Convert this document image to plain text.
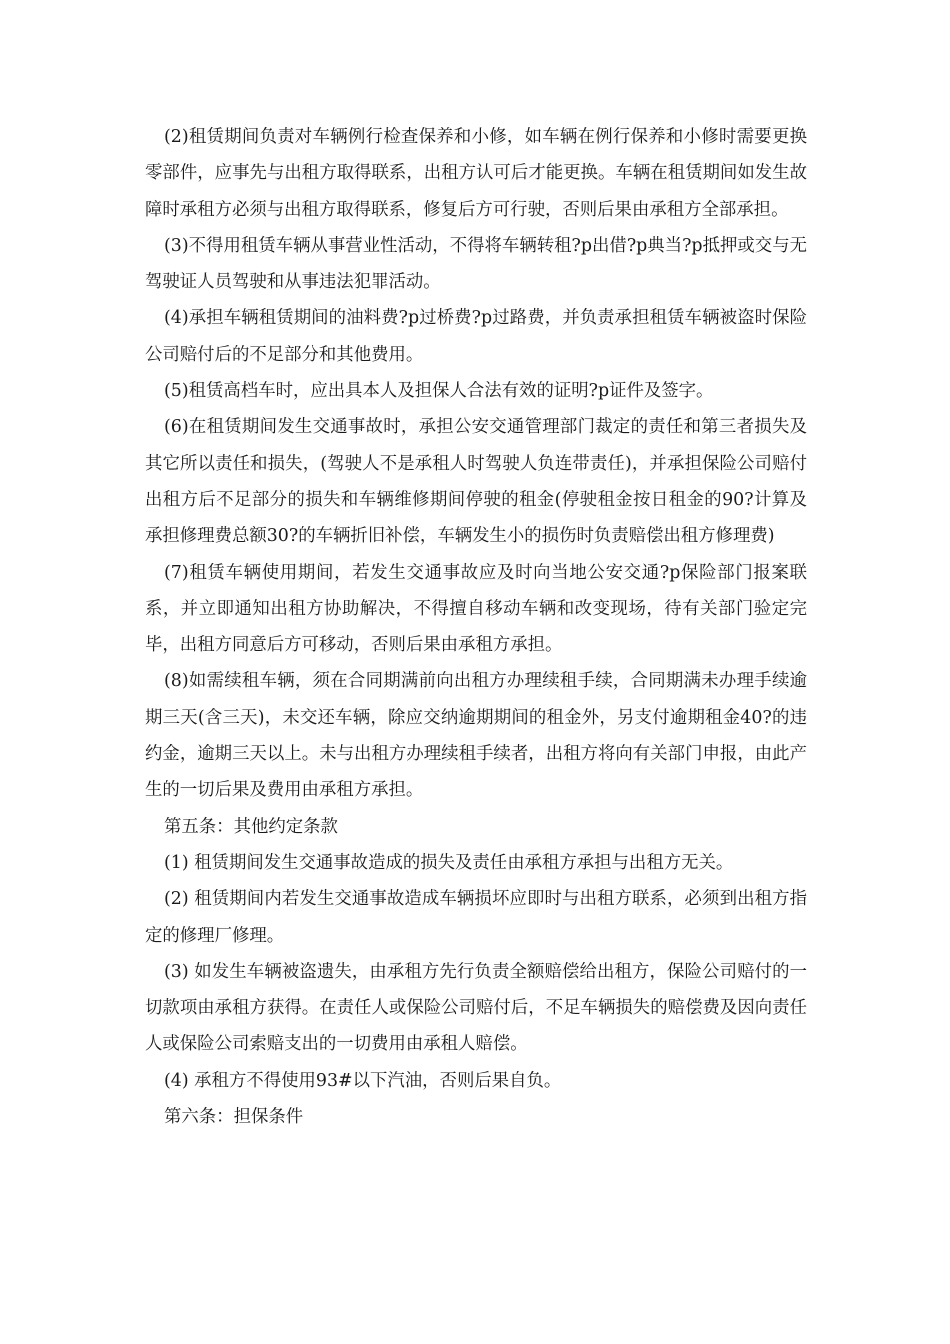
(2)租赁期间负责对车辆例行检查保养和小修，如车辆在例行保养和小修时需要更换零部件，应事先与出租方取得联系，出租方认可后才能更换。车辆在租赁期间如发生故障时承租方必须与出租方取得联系，修复后方可行驶，否则后果由承租方全部承担。

(3)不得用租赁车辆从事营业性活动，不得将车辆转租?p出借?p典当?p抵押或交与无驾驶证人员驾驶和从事违法犯罪活动。

(4)承担车辆租赁期间的油料费?p过桥费?p过路费，并负责承担租赁车辆被盗时保险公司赔付后的不足部分和其他费用。

(5)租赁高档车时，应出具本人及担保人合法有效的证明?p证件及签字。

(6)在租赁期间发生交通事故时，承担公安交通管理部门裁定的责任和第三者损失及其它所以责任和损失，(驾驶人不是承租人时驾驶人负连带责任)，并承担保险公司赔付出租方后不足部分的损失和车辆维修期间停驶的租金(停驶租金按日租金的90?计算及承担修理费总额30?的车辆折旧补偿，车辆发生小的损伤时负责赔偿出租方修理费)

(7)租赁车辆使用期间，若发生交通事故应及时向当地公安交通?p保险部门报案联系，并立即通知出租方协助解决，不得擅自移动车辆和改变现场，待有关部门验定完毕，出租方同意后方可移动，否则后果由承租方承担。

(8)如需续租车辆，须在合同期满前向出租方办理续租手续，合同期满未办理手续逾期三天(含三天)，未交还车辆，除应交纳逾期期间的租金外，另支付逾期租金40?的违约金，逾期三天以上。未与出租方办理续租手续者，出租方将向有关部门申报，由此产生的一切后果及费用由承租方承担。

第五条：其他约定条款

(1) 租赁期间发生交通事故造成的损失及责任由承租方承担与出租方无关。

(2) 租赁期间内若发生交通事故造成车辆损坏应即时与出租方联系，必须到出租方指定的修理厂修理。

(3) 如发生车辆被盗遗失，由承租方先行负责全额赔偿给出租方，保险公司赔付的一切款项由承租方获得。在责任人或保险公司赔付后，不足车辆损失的赔偿费及因向责任人或保险公司索赔支出的一切费用由承租人赔偿。

(4) 承租方不得使用93#以下汽油，否则后果自负。

第六条：担保条件
